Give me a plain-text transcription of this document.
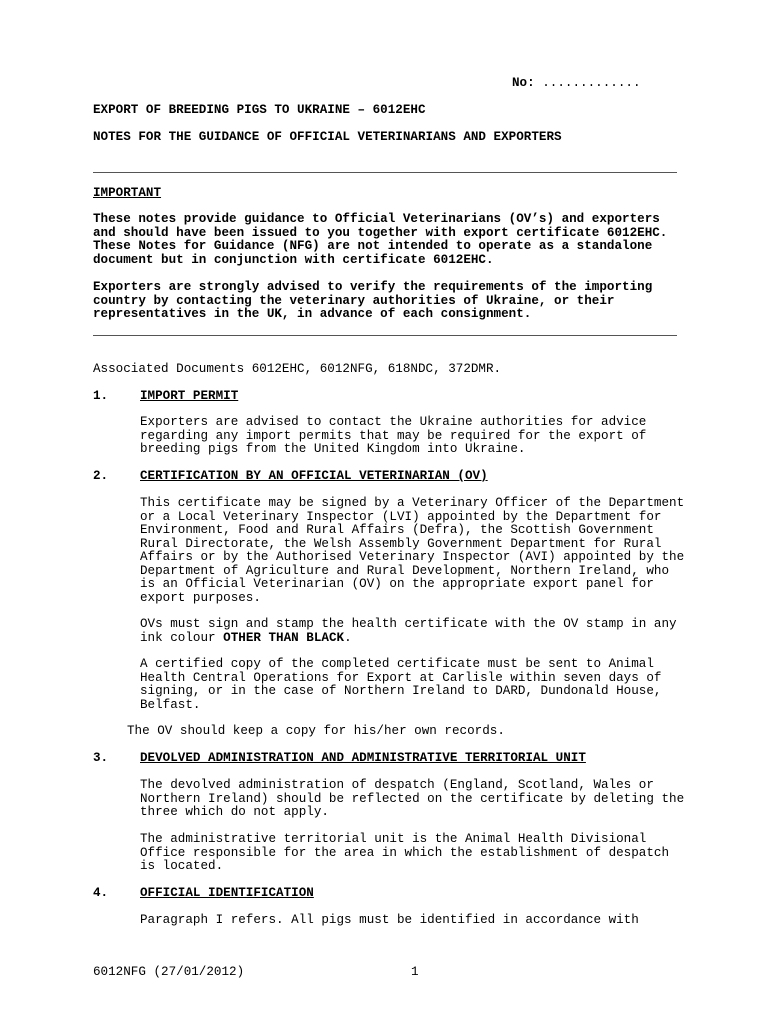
No: .............
EXPORT OF BREEDING PIGS TO UKRAINE – 6012EHC
NOTES FOR THE GUIDANCE OF OFFICIAL VETERINARIANS AND EXPORTERS
IMPORTANT
These notes provide guidance to Official Veterinarians (OV’s) and exporters and should have been issued to you together with export certificate 6012EHC. These Notes for Guidance (NFG) are not intended to operate as a standalone document but in conjunction with certificate 6012EHC.
Exporters are strongly advised to verify the requirements of the importing country by contacting the veterinary authorities of Ukraine, or their representatives in the UK, in advance of each consignment.
Associated Documents 6012EHC, 6012NFG, 618NDC, 372DMR.
1.	IMPORT PERMIT
Exporters are advised to contact the Ukraine authorities for advice regarding any import permits that may be required for the export of breeding pigs from the United Kingdom into Ukraine.
2.	CERTIFICATION BY AN OFFICIAL VETERINARIAN (OV)
This certificate may be signed by a Veterinary Officer of the Department or a Local Veterinary Inspector (LVI) appointed by the Department for Environment, Food and Rural Affairs (Defra), the Scottish Government Rural Directorate, the Welsh Assembly Government Department for Rural Affairs or by the Authorised Veterinary Inspector (AVI) appointed by the Department of Agriculture and Rural Development, Northern Ireland, who is an Official Veterinarian (OV) on the appropriate export panel for export purposes.
OVs must sign and stamp the health certificate with the OV stamp in any ink colour OTHER THAN BLACK.
A certified copy of the completed certificate must be sent to Animal Health Central Operations for Export at Carlisle within seven days of signing, or in the case of Northern Ireland to DARD, Dundonald House, Belfast.
The OV should keep a copy for his/her own records.
3.	DEVOLVED ADMINISTRATION AND ADMINISTRATIVE TERRITORIAL UNIT
The devolved administration of despatch (England, Scotland, Wales or Northern Ireland) should be reflected on the certificate by deleting the three which do not apply.
The administrative territorial unit is the Animal Health Divisional Office responsible for the area in which the establishment of despatch is located.
4.	OFFICIAL IDENTIFICATION
Paragraph I refers. All pigs must be identified in accordance with
6012NFG (27/01/2012)	1
